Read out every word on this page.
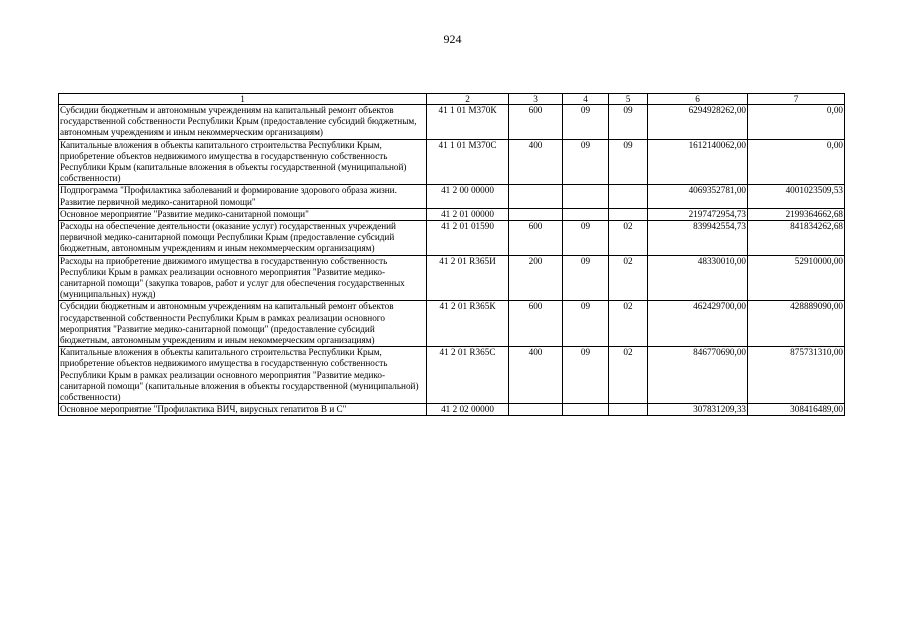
924
1	2	3	4	5	6	7
Субсидии бюджетным и автономным учреждениям на капитальный ремонт объектов государственной собственности Республики Крым (предоставление субсидий бюджетным, автономным учреждениям и иным некоммерческим организациям)	41 1 01 М370К	600	09	09	6294928262,00	0,00
Капитальные вложения в объекты капитального строительства Республики Крым, приобретение объектов недвижимого имущества в государственную собственность Республики Крым (капитальные вложения в объекты государственной (муниципальной) собственности)	41 1 01 М370С	400	09	09	1612140062,00	0,00
Подпрограмма "Профилактика заболеваний и формирование здорового образа жизни. Развитие первичной медико-санитарной помощи"	41 2 00 00000				4069352781,00	4001023509,53
Основное мероприятие "Развитие медико-санитарной помощи"	41 2 01 00000				2197472954,73	2199364662,68
Расходы на обеспечение деятельности (оказание услуг) государственных учреждений первичной медико-санитарной помощи Республики Крым (предоставление субсидий бюджетным, автономным учреждениям и иным некоммерческим организациям)	41 2 01 01590	600	09	02	839942554,73	841834262,68
Расходы на приобретение движимого имущества в государственную собственность Республики Крым в рамках реализации основного мероприятия "Развитие медико-санитарной помощи" (закупка товаров, работ и услуг для обеспечения государственных (муниципальных) нужд)	41 2 01 R365И	200	09	02	48330010,00	52910000,00
Субсидии бюджетным и автономным учреждениям на капитальный ремонт объектов государственной собственности Республики Крым в рамках реализации основного мероприятия "Развитие медико-санитарной помощи" (предоставление субсидий бюджетным, автономным учреждениям и иным некоммерческим организациям)	41 2 01 R365К	600	09	02	462429700,00	428889090,00
Капитальные вложения в объекты капитального строительства Республики Крым, приобретение объектов недвижимого имущества в государственную собственность Республики Крым в рамках реализации основного мероприятия "Развитие медико-санитарной помощи" (капитальные вложения в объекты государственной (муниципальной) собственности)	41 2 01 R365С	400	09	02	846770690,00	875731310,00
Основное мероприятие "Профилактика ВИЧ, вирусных гепатитов В и С"	41 2 02 00000				307831209,33	308416489,00
